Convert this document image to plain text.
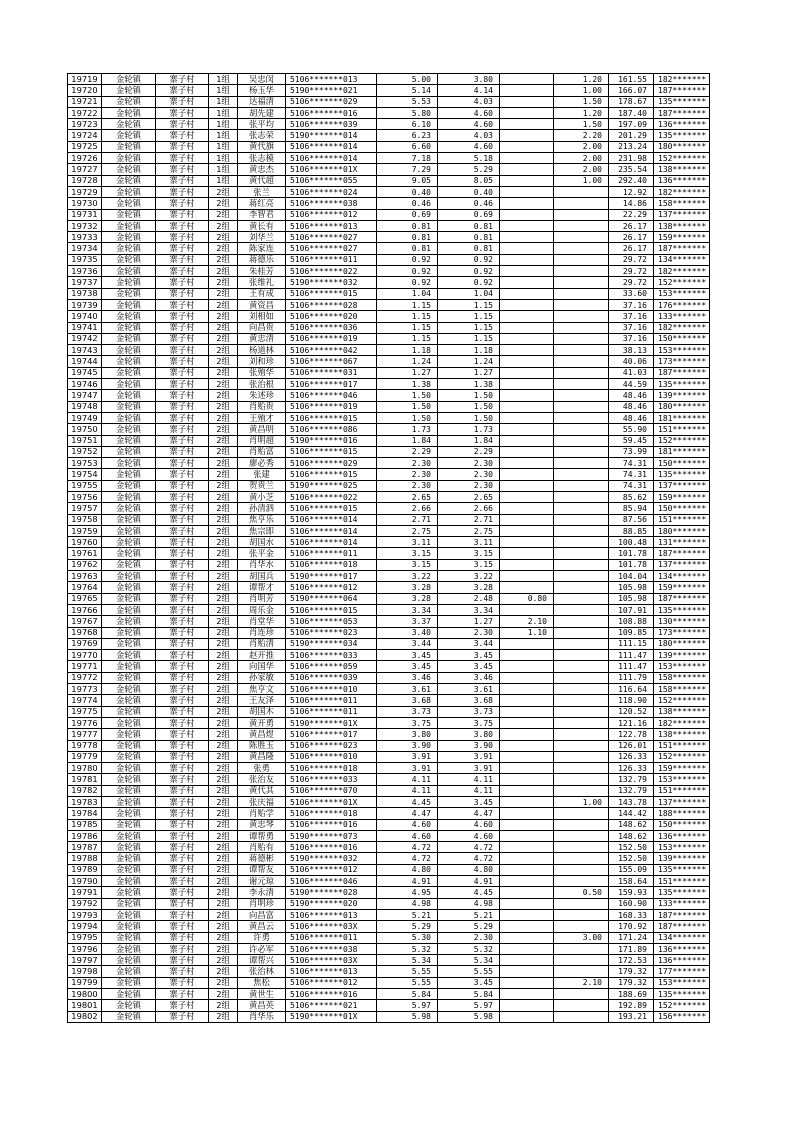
19719	金轮镇	寨子村	1组	吴忠闵	5106*******013	5.00	3.80		1.20	161.55	182*******
19720	金轮镇	寨子村	1组	杨玉华	5190*******021	5.14	4.14		1.00	166.07	187*******
19721	金轮镇	寨子村	1组	达福清	5106*******029	5.53	4.03		1.50	178.67	135*******
19722	金轮镇	寨子村	1组	胡先建	5106*******016	5.80	4.60		1.20	187.40	187*******
19723	金轮镇	寨子村	1组	张平均	5106*******039	6.10	4.60		1.50	197.09	136*******
19724	金轮镇	寨子村	1组	张志荣	5190*******014	6.23	4.03		2.20	201.29	135*******
19725	金轮镇	寨子村	1组	黄代旗	5106*******014	6.60	4.60		2.00	213.24	180*******
19726	金轮镇	寨子村	1组	张志模	5106*******014	7.18	5.18		2.00	231.98	152*******
19727	金轮镇	寨子村	1组	黄忠杰	5106*******01X	7.29	5.29		2.00	235.54	138*******
19728	金轮镇	寨子村	1组	黄代超	5106*******055	9.05	8.05		1.00	292.40	136*******
19729	金轮镇	寨子村	2组	张兰	5106*******024	0.40	0.40			12.92	182*******
19730	金轮镇	寨子村	2组	蒋红亮	5106*******038	0.46	0.46			14.86	158*******
19731	金轮镇	寨子村	2组	李智君	5106*******012	0.69	0.69			22.29	137*******
19732	金轮镇	寨子村	2组	黄长有	5106*******013	0.81	0.81			26.17	138*******
19733	金轮镇	寨子村	2组	刘华兰	5106*******027	0.81	0.81			26.17	159*******
19734	金轮镇	寨子村	2组	陈家连	5106*******027	0.81	0.81			26.17	187*******
19735	金轮镇	寨子村	2组	蒋德乐	5106*******011	0.92	0.92			29.72	134*******
19736	金轮镇	寨子村	2组	朱桂芳	5106*******022	0.92	0.92			29.72	182*******
19737	金轮镇	寨子村	2组	张维礼	5190*******032	0.92	0.92			29.72	152*******
19738	金轮镇	寨子村	2组	王有成	5106*******015	1.04	1.04			33.60	153*******
19739	金轮镇	寨子村	2组	黄资昌	5106*******028	1.15	1.15			37.16	176*******
19740	金轮镇	寨子村	2组	刘相如	5106*******020	1.15	1.15			37.16	133*******
19741	金轮镇	寨子村	2组	向昌贵	5106*******036	1.15	1.15			37.16	182*******
19742	金轮镇	寨子村	2组	黄忠清	5106*******019	1.15	1.15			37.16	150*******
19743	金轮镇	寨子村	2组	杨道林	5106*******042	1.18	1.18			38.13	153*******
19744	金轮镇	寨子村	2组	刘和珍	5106*******067	1.24	1.24			40.06	173*******
19745	金轮镇	寨子村	2组	张殖华	5106*******031	1.27	1.27			41.03	187*******
19746	金轮镇	寨子村	2组	张治根	5106*******017	1.38	1.38			44.59	135*******
19747	金轮镇	寨子村	2组	朱述珍	5106*******046	1.50	1.50			48.46	139*******
19748	金轮镇	寨子村	2组	肖贻贵	5106*******019	1.50	1.50			48.46	180*******
19749	金轮镇	寨子村	2组	王殖才	5106*******015	1.50	1.50			48.46	181*******
19750	金轮镇	寨子村	2组	黄昌明	5106*******086	1.73	1.73			55.90	151*******
19751	金轮镇	寨子村	2组	肖明超	5190*******016	1.84	1.84			59.45	152*******
19752	金轮镇	寨子村	2组	肖贻富	5106*******015	2.29	2.29			73.99	181*******
19753	金轮镇	寨子村	2组	廖必秀	5106*******029	2.30	2.30			74.31	150*******
19754	金轮镇	寨子村	2组	张建	5106*******015	2.30	2.30			74.31	135*******
19755	金轮镇	寨子村	2组	贺贵兰	5190*******025	2.30	2.30			74.31	137*******
19756	金轮镇	寨子村	2组	黄小芝	5106*******022	2.65	2.65			85.62	159*******
19757	金轮镇	寨子村	2组	孙清泗	5106*******015	2.66	2.66			85.94	150*******
19758	金轮镇	寨子村	2组	焦亨乐	5106*******014	2.71	2.71			87.56	151*******
19759	金轮镇	寨子村	2组	焦宗即	5106*******014	2.75	2.75			88.85	180*******
19760	金轮镇	寨子村	2组	胡国水	5106*******014	3.11	3.11			100.48	131*******
19761	金轮镇	寨子村	2组	张平金	5106*******011	3.15	3.15			101.78	187*******
19762	金轮镇	寨子村	2组	肖华水	5106*******018	3.15	3.15			101.78	137*******
19763	金轮镇	寨子村	2组	胡国兵	5190*******017	3.22	3.22			104.04	134*******
19764	金轮镇	寨子村	2组	谭帮才	5106*******012	3.28	3.28			105.98	159*******
19765	金轮镇	寨子村	2组	肖明芳	5190*******064	3.28	2.48	0.80		105.98	187*******
19766	金轮镇	寨子村	2组	周乐金	5106*******015	3.34	3.34			107.91	135*******
19767	金轮镇	寨子村	2组	肖堂华	5106*******053	3.37	1.27	2.10		108.88	130*******
19768	金轮镇	寨子村	2组	肖连珍	5106*******023	3.40	2.30	1.10		109.85	173*******
19769	金轮镇	寨子村	2组	肖贻清	5190*******034	3.44	3.44			111.15	180*******
19770	金轮镇	寨子村	2组	赵开推	5106*******033	3.45	3.45			111.47	139*******
19771	金轮镇	寨子村	2组	向国华	5106*******059	3.45	3.45			111.47	153*******
19772	金轮镇	寨子村	2组	孙家敏	5106*******039	3.46	3.46			111.79	158*******
19773	金轮镇	寨子村	2组	焦亨文	5106*******010	3.61	3.61			116.64	158*******
19774	金轮镇	寨子村	2组	王友泽	5106*******011	3.68	3.68			118.90	152*******
19775	金轮镇	寨子村	2组	胡国木	5106*******011	3.73	3.73			120.52	138*******
19776	金轮镇	寨子村	2组	黄开勇	5190*******01X	3.75	3.75			121.16	182*******
19777	金轮镇	寨子村	2组	黄昌煜	5106*******017	3.80	3.80			122.78	138*******
19778	金轮镇	寨子村	2组	陈胜玉	5106*******023	3.90	3.90			126.01	151*******
19779	金轮镇	寨子村	2组	黄昌隆	5106*******010	3.91	3.91			126.33	152*******
19780	金轮镇	寨子村	2组	张勇	5106*******018	3.91	3.91			126.33	159*******
19781	金轮镇	寨子村	2组	张治友	5106*******033	4.11	4.11			132.79	153*******
19782	金轮镇	寨子村	2组	黄代其	5106*******070	4.11	4.11			132.79	151*******
19783	金轮镇	寨子村	2组	张庆福	5106*******01X	4.45	3.45		1.00	143.78	137*******
19784	金轮镇	寨子村	2组	肖贻学	5106*******018	4.47	4.47			144.42	188*******
19785	金轮镇	寨子村	2组	黄忠琴	5106*******016	4.60	4.60			148.62	150*******
19786	金轮镇	寨子村	2组	谭帮勇	5190*******073	4.60	4.60			148.62	136*******
19787	金轮镇	寨子村	2组	肖贻有	5106*******016	4.72	4.72			152.50	153*******
19788	金轮镇	寨子村	2组	蒋德彬	5190*******032	4.72	4.72			152.50	139*******
19789	金轮镇	寨子村	2组	谭帮友	5106*******012	4.80	4.80			155.09	135*******
19790	金轮镇	寨子村	2组	谢元琼	5106*******046	4.91	4.91			158.64	151*******
19791	金轮镇	寨子村	2组	李永清	5190*******028	4.95	4.45		0.50	159.93	135*******
19792	金轮镇	寨子村	2组	肖明珍	5190*******020	4.98	4.98			160.90	133*******
19793	金轮镇	寨子村	2组	向昌富	5106*******013	5.21	5.21			168.33	187*******
19794	金轮镇	寨子村	2组	黄昌云	5106*******03X	5.29	5.29			170.92	187*******
19795	金轮镇	寨子村	2组	许勇	5106*******011	5.30	2.30		3.00	171.24	134*******
19796	金轮镇	寨子村	2组	许必军	5106*******038	5.32	5.32			171.89	136*******
19797	金轮镇	寨子村	2组	谭帮兴	5106*******03X	5.34	5.34			172.53	136*******
19798	金轮镇	寨子村	2组	张治林	5106*******013	5.55	5.55			179.32	177*******
19799	金轮镇	寨子村	2组	焦松	5106*******012	5.55	3.45		2.10	179.32	153*******
19800	金轮镇	寨子村	2组	黄世生	5106*******016	5.84	5.84			188.69	135*******
19801	金轮镇	寨子村	2组	黄昌英	5106*******021	5.97	5.97			192.89	152*******
19802	金轮镇	寨子村	2组	肖华乐	5190*******01X	5.98	5.98			193.21	156*******
